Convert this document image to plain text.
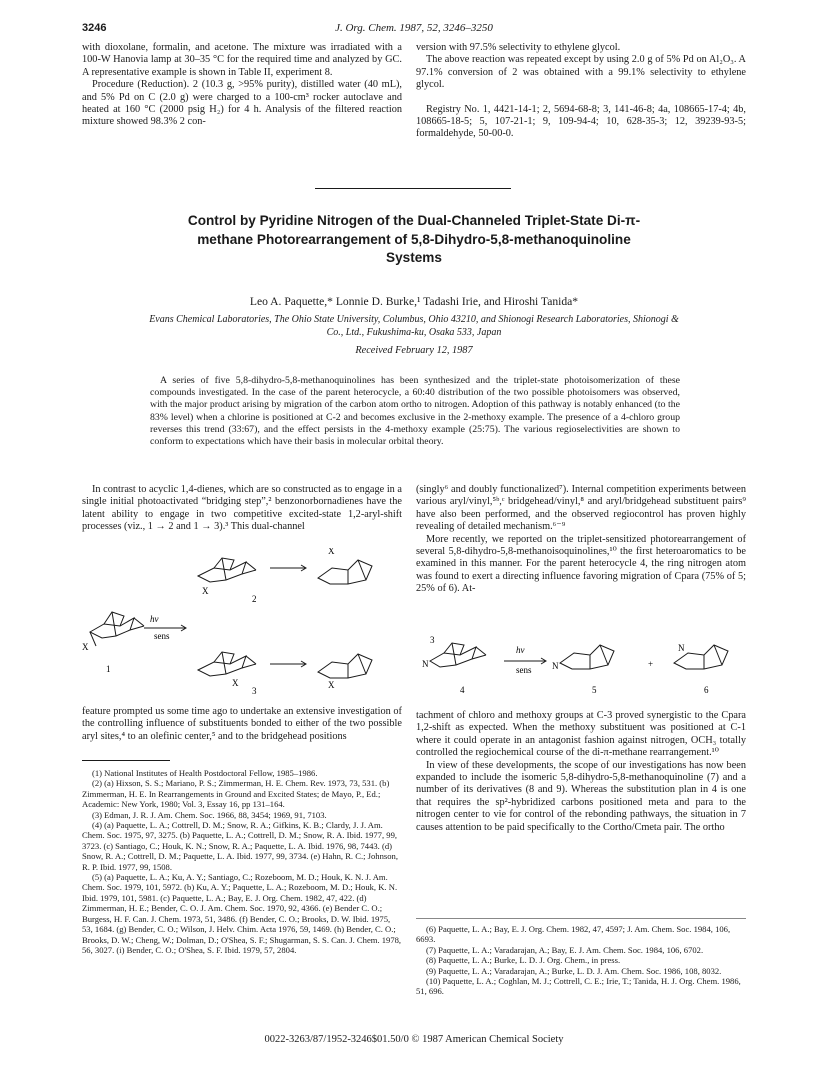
3246	J. Org. Chem. 1987, 52, 3246–3250

with dioxolane, formalin, and acetone. The mixture was irradiated with a 100-W Hanovia lamp at 30–35 °C for the required time and analyzed by GC. A representative example is shown in Table II, experiment 8.

Procedure (Reduction). 2 (10.3 g, >95% purity), distilled water (40 mL), and 5% Pd on C (2.0 g) were charged to a 100-cm³ rocker autoclave and heated at 160 °C (2000 psig H₂) for 4 h. Analysis of the filtered reaction mixture showed 98.3% 2 con-

version with 97.5% selectivity to ethylene glycol.

The above reaction was repeated except by using 2.0 g of 5% Pd on Al₂O₃. A 97.1% conversion of 2 was obtained with a 99.1% selectivity to ethylene glycol.

Registry No. 1, 4421-14-1; 2, 5694-68-8; 3, 141-46-8; 4a, 108665-17-4; 4b, 108665-18-5; 5, 107-21-1; 9, 109-94-4; 10, 628-35-3; 12, 39239-93-5; formaldehyde, 50-00-0.

Control by Pyridine Nitrogen of the Dual-Channeled Triplet-State Di-π-methane Photorearrangement of 5,8-Dihydro-5,8-methanoquinoline Systems
Leo A. Paquette,* Lonnie D. Burke,¹ Tadashi Irie, and Hiroshi Tanida*
Evans Chemical Laboratories, The Ohio State University, Columbus, Ohio 43210, and Shionogi Research Laboratories, Shionogi & Co., Ltd., Fukushima-ku, Osaka 533, Japan
Received February 12, 1987
A series of five 5,8-dihydro-5,8-methanoquinolines has been synthesized and the triplet-state photoisomerization of these compounds investigated. In the case of the parent heterocycle, a 60:40 distribution of the two possible photoisomers was observed, with the major product arising by migration of the carbon atom ortho to nitrogen. Adoption of this pathway is notably enhanced (to the 83% level) when a chlorine is positioned at C-2 and becomes exclusive in the 2-methoxy example. The presence of a 4-chloro group reverses this trend (33:67), and the effect persists in the 4-methoxy example (25:75). The various regioselectivities are shown to conform to expectations which have their basis in molecular orbital theory.

In contrast to acyclic 1,4-dienes, which are so constructed as to engage in a single initial photoactivated “bridging step”,² benzonorbornadienes have the latent ability to engage in two competitive excited-state 1,2-aryl-shift processes (viz., 1 → 2 and 1 → 3).³ This dual-channel

hν
sens
X
1
X
X
2
X	X
3

feature prompted us some time ago to undertake an extensive investigation of the controlling influence of substituents bonded to either of the two possible aryl sites,⁴ to an olefinic center,⁵ and to the bridgehead positions

(1) National Institutes of Health Postdoctoral Fellow, 1985–1986.

(2) (a) Hixson, S. S.; Mariano, P. S.; Zimmerman, H. E. Chem. Rev. 1973, 73, 531. (b) Zimmerman, H. E. In Rearrangements in Ground and Excited States; de Mayo, P., Ed.; Academic: New York, 1980; Vol. 3, Essay 16, pp 131–164.

(3) Edman, J. R. J. Am. Chem. Soc. 1966, 88, 3454; 1969, 91, 7103.

(4) (a) Paquette, L. A.; Cottrell, D. M.; Snow, R. A.; Gifkins, K. B.; Clardy, J. J. Am. Chem. Soc. 1975, 97, 3275. (b) Paquette, L. A.; Cottrell, D. M.; Snow, R. A. Ibid. 1977, 99, 3723. (c) Santiago, C.; Houk, K. N.; Snow, R. A.; Paquette, L. A. Ibid. 1976, 98, 7443. (d) Snow, R. A.; Cottrell, D. M.; Paquette, L. A. Ibid. 1977, 99, 3734. (e) Hahn, R. C.; Johnson, R. P. Ibid. 1977, 99, 1508.

(5) (a) Paquette, L. A.; Ku, A. Y.; Santiago, C.; Rozeboom, M. D.; Houk, K. N. J. Am. Chem. Soc. 1979, 101, 5972. (b) Ku, A. Y.; Paquette, L. A.; Rozeboom, M. D.; Houk, K. N. Ibid. 1979, 101, 5981. (c) Paquette, L. A.; Bay, E. J. Org. Chem. 1982, 47, 422. (d) Zimmerman, H. E.; Bender, C. O. J. Am. Chem. Soc. 1970, 92, 4366. (e) Bender C. O.; Burgess, H. F. Can. J. Chem. 1973, 51, 3486. (f) Bender, C. O.; Brooks, D. W. Ibid. 1975, 53, 1684. (g) Bender, C. O.; Wilson, J. Helv. Chim. Acta 1976, 59, 1469. (h) Bender, C. O.; Brooks, D. W.; Cheng, W.; Dolman, D.; O'Shea, S. F.; Shugarman, S. S. Can. J. Chem. 1978, 56, 3027. (i) Bender, C. O.; O'Shea, S. F. Ibid. 1979, 57, 2804.

(singly⁶ and doubly functionalized⁷). Internal competition experiments between various aryl/vinyl,⁵ᵇ,ᶜ bridgehead/vinyl,⁸ and aryl/bridgehead substituent pairs⁹ have also been performed, and the observed regiocontrol has proven highly revealing of detailed mechanism.⁶⁻⁹

More recently, we reported on the triplet-sensitized photorearrangement of several 5,8-dihydro-5,8-methanoisoquinolines,¹⁰ the first heteroaromatics to be examined in this manner. For the parent heterocycle 4, the ring nitrogen atom was found to exert a directing influence favoring migration of Cpara (75% of 5; 25% of 6). At-

3
N
hν
sens N	+
N
4	5	6

tachment of chloro and methoxy groups at C-3 proved synergistic to the Cpara 1,2-shift as expected. When the methoxy substituent was positioned at C-1 where it could operate in an antagonist fashion against nitrogen, OCH₃ totally controlled the regiochemical course of the di-π-methane rearrangement.¹⁰

In view of these developments, the scope of our investigations has now been expanded to include the isomeric 5,8-dihydro-5,8-methanoquinoline (7) and a number of its derivatives (8 and 9). Whereas the substitution plan in 4 is one that requires the sp²-hybridized carbons positioned meta and para to the nitrogen center to vie for control of the rebonding pathways, the situation in 7 causes attention to be paid specifically to the Cortho/Cmeta pair. The ortho

(6) Paquette, L. A.; Bay, E. J. Org. Chem. 1982, 47, 4597; J. Am. Chem. Soc. 1984, 106, 6693.

(7) Paquette, L. A.; Varadarajan, A.; Bay, E. J. Am. Chem. Soc. 1984, 106, 6702.

(8) Paquette, L. A.; Burke, L. D. J. Org. Chem., in press.

(9) Paquette, L. A.; Varadarajan, A.; Burke, L. D. J. Am. Chem. Soc. 1986, 108, 8032.

(10) Paquette, L. A.; Coghlan, M. J.; Cottrell, C. E.; Irie, T.; Tanida, H. J. Org. Chem. 1986, 51, 696.

0022-3263/87/1952-3246$01.50/0 © 1987 American Chemical Society
